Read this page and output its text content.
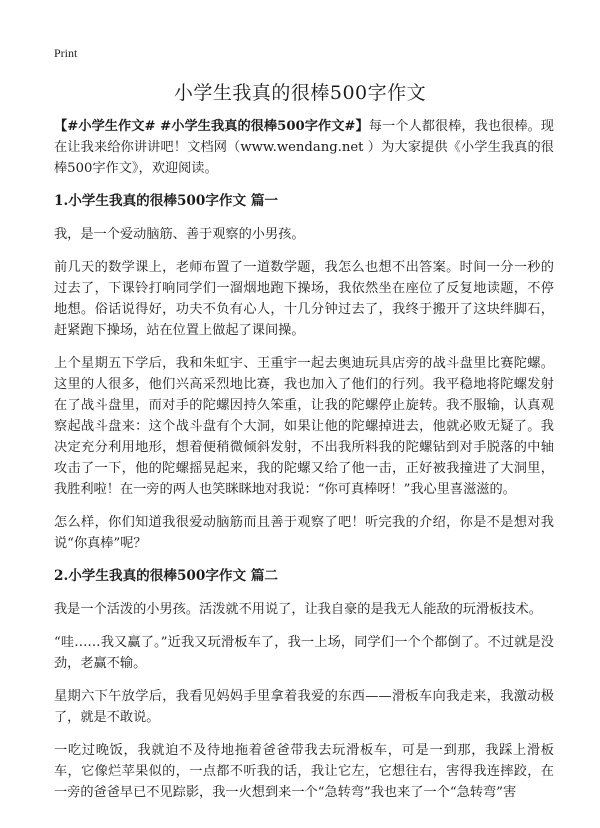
Print
小学生我真的很棒500字作文

【#小学生作文# #小学生我真的很棒500字作文#】每一个人都很棒，我也很棒。现在让我来给你讲讲吧！文档网（www.wendang.net ）为大家提供《小学生我真的很棒500字作文》，欢迎阅读。

1.小学生我真的很棒500字作文 篇一

我，是一个爱动脑筋、善于观察的小男孩。

前几天的数学课上，老师布置了一道数学题，我怎么也想不出答案。时间一分一秒的过去了，下课铃打响同学们一溜烟地跑下操场，我依然坐在座位了反复地读题，不停地想。俗话说得好，功夫不负有心人，十几分钟过去了，我终于搬开了这块绊脚石，赶紧跑下操场，站在位置上做起了课间操。

上个星期五下学后，我和朱虹宇、王重宇一起去奥迪玩具店旁的战斗盘里比赛陀螺。这里的人很多，他们兴高采烈地比赛，我也加入了他们的行列。我平稳地将陀螺发射在了战斗盘里，而对手的陀螺因持久笨重，让我的陀螺停止旋转。我不服输，认真观察起战斗盘来：这个战斗盘有个大洞，如果让他的陀螺掉进去，他就必败无疑了。我决定充分利用地形，想着便稍微倾斜发射，不出我所料我的陀螺钻到对手脱落的中轴攻击了一下，他的陀螺摇晃起来，我的陀螺又给了他一击，正好被我撞进了大洞里，我胜利啦！在一旁的两人也笑眯眯地对我说：“你可真棒呀！”我心里喜滋滋的。

怎么样，你们知道我很爱动脑筋而且善于观察了吧！听完我的介绍，你是不是想对我说“你真棒”呢？

2.小学生我真的很棒500字作文 篇二

我是一个活泼的小男孩。活泼就不用说了，让我自豪的是我无人能敌的玩滑板技术。

“哇……我又赢了。”近我又玩滑板车了，我一上场，同学们一个个都倒了。不过就是没劲，老赢不输。

星期六下午放学后，我看见妈妈手里拿着我爱的东西——滑板车向我走来，我激动极了，就是不敢说。

一吃过晚饭，我就迫不及待地拖着爸爸带我去玩滑板车，可是一到那，我踩上滑板车，它像烂苹果似的，一点都不听我的话，我让它左，它想往右，害得我连摔跤，在一旁的爸爸早已不见踪影，我一火想到来一个“急转弯”我也来了一个“急转弯”害
